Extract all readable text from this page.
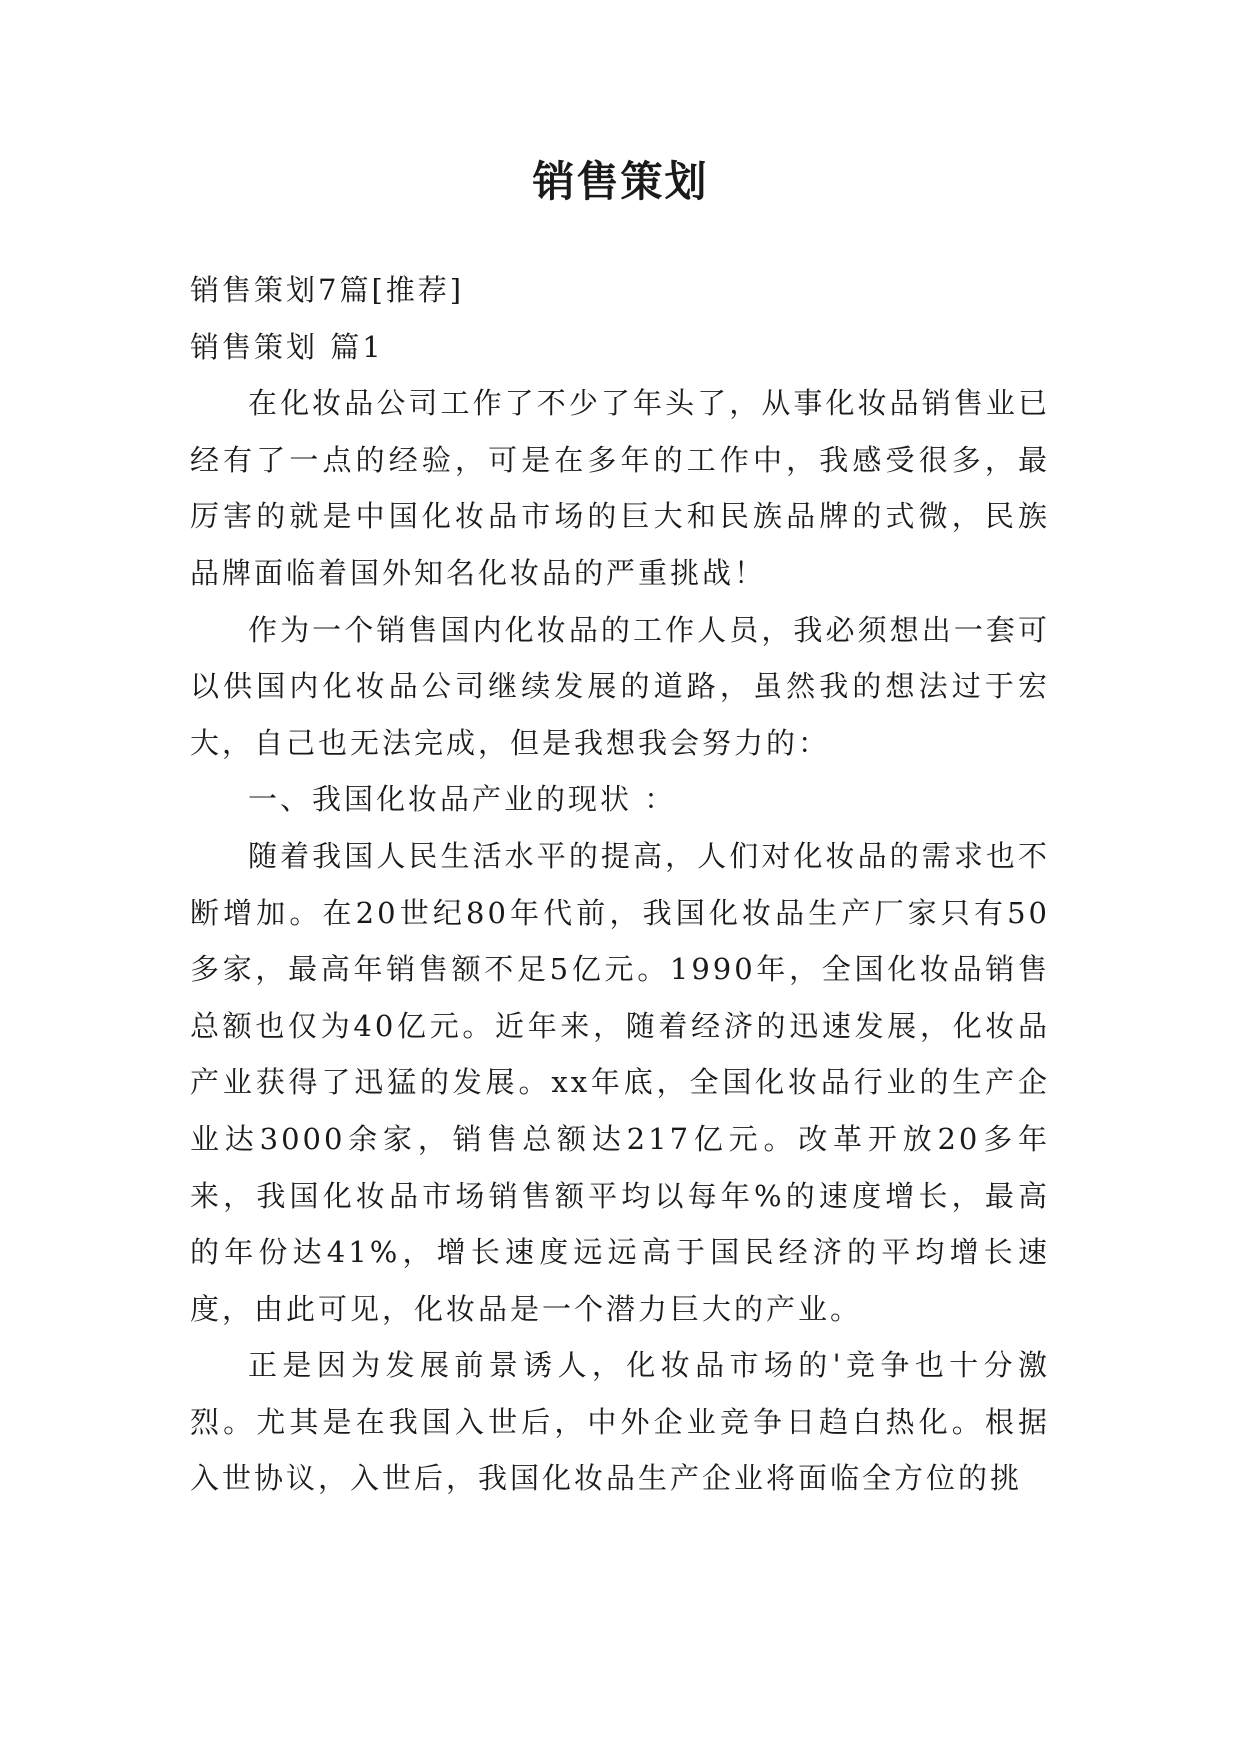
销售策划

销售策划7篇[推荐]

销售策划 篇1

在化妆品公司工作了不少了年头了，从事化妆品销售业已经有了一点的经验，可是在多年的工作中，我感受很多，最厉害的就是中国化妆品市场的巨大和民族品牌的式微，民族品牌面临着国外知名化妆品的严重挑战！

作为一个销售国内化妆品的工作人员，我必须想出一套可以供国内化妆品公司继续发展的道路，虽然我的想法过于宏大，自己也无法完成，但是我想我会努力的：

一、我国化妆品产业的现状 ：

随着我国人民生活水平的提高，人们对化妆品的需求也不断增加。在20世纪80年代前，我国化妆品生产厂家只有50多家，最高年销售额不足5亿元。1990年，全国化妆品销售总额也仅为40亿元。近年来，随着经济的迅速发展，化妆品产业获得了迅猛的发展。xx年底，全国化妆品行业的生产企业达3000余家，销售总额达217亿元。改革开放20多年来，我国化妆品市场销售额平均以每年%的速度增长，最高的年份达41%，增长速度远远高于国民经济的平均增长速度，由此可见，化妆品是一个潜力巨大的产业。

正是因为发展前景诱人，化妆品市场的'竞争也十分激烈。尤其是在我国入世后，中外企业竞争日趋白热化。根据入世协议，入世后，我国化妆品生产企业将面临全方位的挑
